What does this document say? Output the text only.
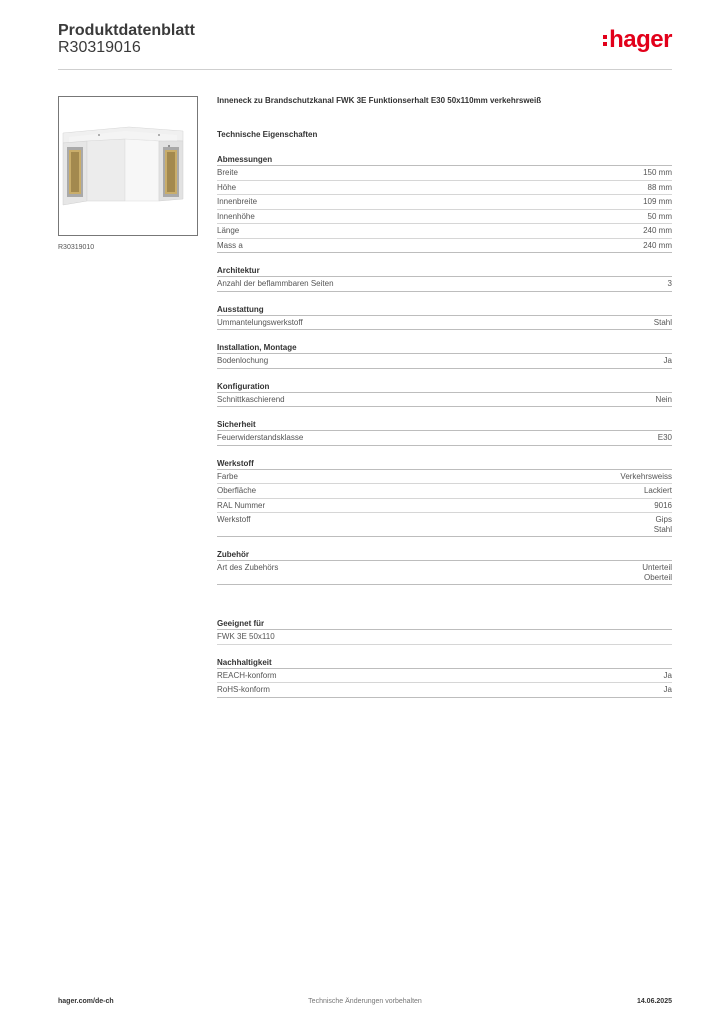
Produktdatenblatt
R30319016	hager
R30319010
Inneneck zu Brandschutzkanal FWK 3E Funktionserhalt E30 50x110mm verkehrsweiß
Technische Eigenschaften
Abmessungen
Breite	150 mm
Höhe	88 mm
Innenbreite	109 mm
Innenhöhe	50 mm
Länge	240 mm
Mass a	240 mm
Architektur
Anzahl der beflammbaren Seiten	3
Ausstattung
Ummantelungswerkstoff	Stahl
Installation, Montage
Bodenlochung	Ja
Konfiguration
Schnittkaschierend	Nein
Sicherheit
Feuerwiderstandsklasse	E30
Werkstoff
Farbe	Verkehrsweiss
Oberfläche	Lackiert
RAL Nummer	9016
Werkstoff	Gips
Stahl
Zubehör
Art des Zubehörs	Unterteil
Oberteil
Geeignet für
FWK 3E 50x110
Nachhaltigkeit
REACH-konform	Ja
RoHS-konform	Ja
Technische Änderungen vorbehalten
hager.com/de-ch	14.06.2025
